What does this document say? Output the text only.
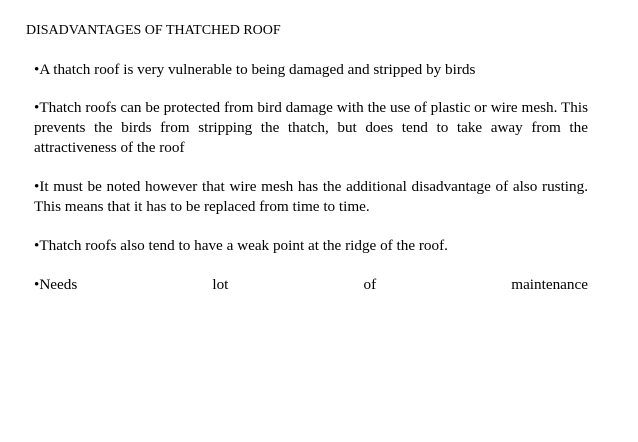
DISADVANTAGES OF THATCHED ROOF
•A thatch roof is very vulnerable to being damaged and stripped by birds
•Thatch roofs can be protected from bird damage with the use of plastic or wire mesh. This prevents the birds from stripping the thatch, but does tend to take away from the attractiveness of the roof
•It must be noted however that wire mesh has the additional disadvantage of also rusting. This means that it has to be replaced from time to time.
•Thatch roofs also tend to have a weak point at the ridge of the roof.
•Needs lot of maintenance
